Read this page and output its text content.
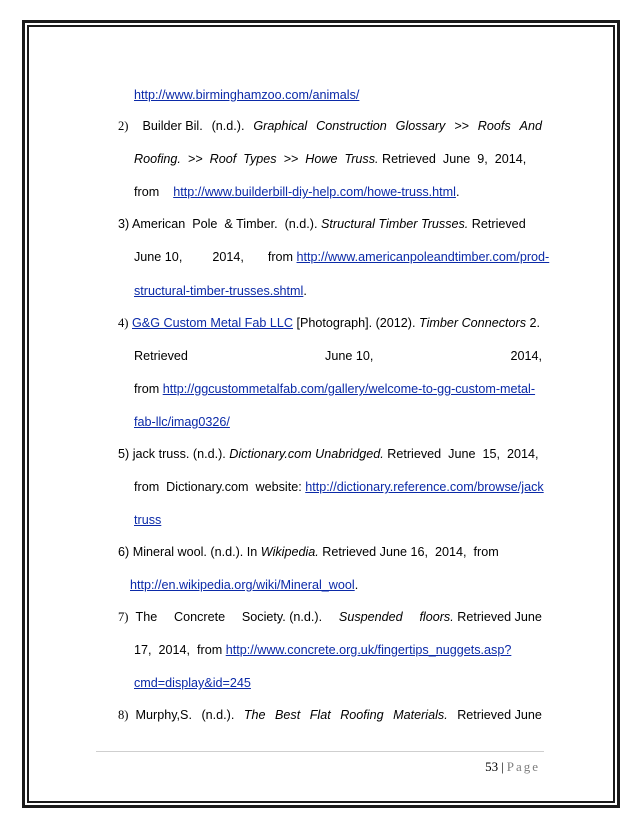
http://www.birminghamzoo.com/animals/
2) Builder Bil. (n.d.). Graphical Construction Glossary >> Roofs And
Roofing.  >>  Roof  Types  >>  Howe  Truss. Retrieved  June  9,  2014,
from http://www.builderbill-diy-help.com/howe-truss.html.
3) American  Pole  & Timber.  (n.d.). Structural Timber Trusses. Retrieved
June 10, 2014, from http://www.americanpoleandtimber.com/prod-
structural-timber-trusses.shtml.
4) G&G Custom Metal Fab LLC [Photograph]. (2012). Timber Connectors 2.
Retrieved	June 10,	2014,
from http://ggcustommetalfab.com/gallery/welcome-to-gg-custom-metal-
fab-llc/imag0326/
5) jack truss. (n.d.). Dictionary.com Unabridged. Retrieved  June  15,  2014,
from  Dictionary.com  website: http://dictionary.reference.com/browse/jack
truss
6) Mineral wool. (n.d.). In Wikipedia. Retrieved June 16,  2014,  from
http://en.wikipedia.org/wiki/Mineral_wool.
7) The Concrete Society. (n.d.). Suspended floors. Retrieved June
17,  2014,  from http://www.concrete.org.uk/fingertips_nuggets.asp?
cmd=display&id=245
8) Murphy,S. (n.d.). The Best Flat Roofing Materials. Retrieved June
53 | Page
